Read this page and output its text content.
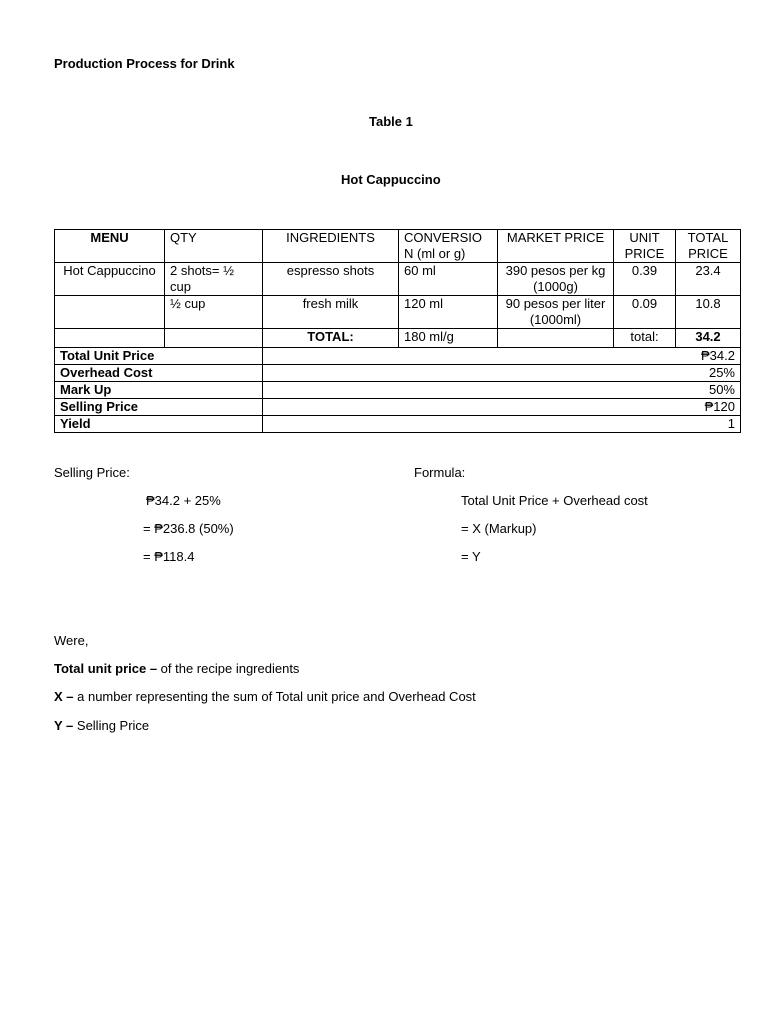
Production Process for Drink
Table 1
Hot Cappuccino
MENU	QTY	INGREDIENTS	CONVERSIO N (ml or g)	MARKET PRICE	UNIT PRICE	TOTAL PRICE
Hot Cappuccino	2 shots= ½ cup	espresso shots	60 ml	390 pesos per kg (1000g)	0.39	23.4
	½ cup	fresh milk	120 ml	90 pesos per liter (1000ml)	0.09	10.8
		TOTAL:	180 ml/g		total:	34.2
Total Unit Price		₱34.2				
Overhead Cost		25%				
Mark Up		50%				
Selling Price		₱120				
Yield		1				
Selling Price:
₱34.2 + 25%
= ₱236.8 (50%)
= ₱118.4
Formula:
Total Unit Price + Overhead cost
= X (Markup)
= Y
Were,
Total unit price – of the recipe ingredients
X – a number representing the sum of Total unit price and Overhead Cost
Y – Selling Price
